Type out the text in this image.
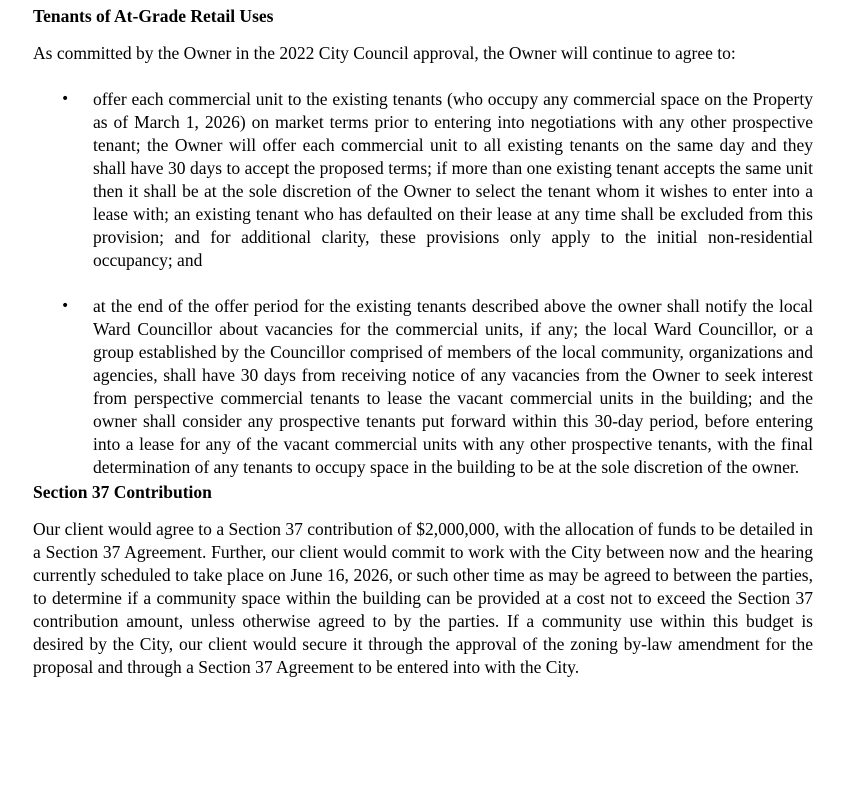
Tenants of At-Grade Retail Uses

As committed by the Owner in the 2022 City Council approval, the Owner will continue to agree to:

• offer each commercial unit to the existing tenants (who occupy any commercial space on the Property as of March 1, 2026) on market terms prior to entering into negotiations with any other prospective tenant; the Owner will offer each commercial unit to all existing tenants on the same day and they shall have 30 days to accept the proposed terms; if more than one existing tenant accepts the same unit then it shall be at the sole discretion of the Owner to select the tenant whom it wishes to enter into a lease with; an existing tenant who has defaulted on their lease at any time shall be excluded from this provision; and for additional clarity, these provisions only apply to the initial non-residential occupancy; and
• at the end of the offer period for the existing tenants described above the owner shall notify the local Ward Councillor about vacancies for the commercial units, if any; the local Ward Councillor, or a group established by the Councillor comprised of members of the local community, organizations and agencies, shall have 30 days from receiving notice of any vacancies from the Owner to seek interest from perspective commercial tenants to lease the vacant commercial units in the building; and the owner shall consider any prospective tenants put forward within this 30-day period, before entering into a lease for any of the vacant commercial units with any other prospective tenants, with the final determination of any tenants to occupy space in the building to be at the sole discretion of the owner.
Section 37 Contribution

Our client would agree to a Section 37 contribution of $2,000,000, with the allocation of funds to be detailed in a Section 37 Agreement. Further, our client would commit to work with the City between now and the hearing currently scheduled to take place on June 16, 2026, or such other time as may be agreed to between the parties, to determine if a community space within the building can be provided at a cost not to exceed the Section 37 contribution amount, unless otherwise agreed to by the parties. If a community use within this budget is desired by the City, our client would secure it through the approval of the zoning by-law amendment for the proposal and through a Section 37 Agreement to be entered into with the City.
